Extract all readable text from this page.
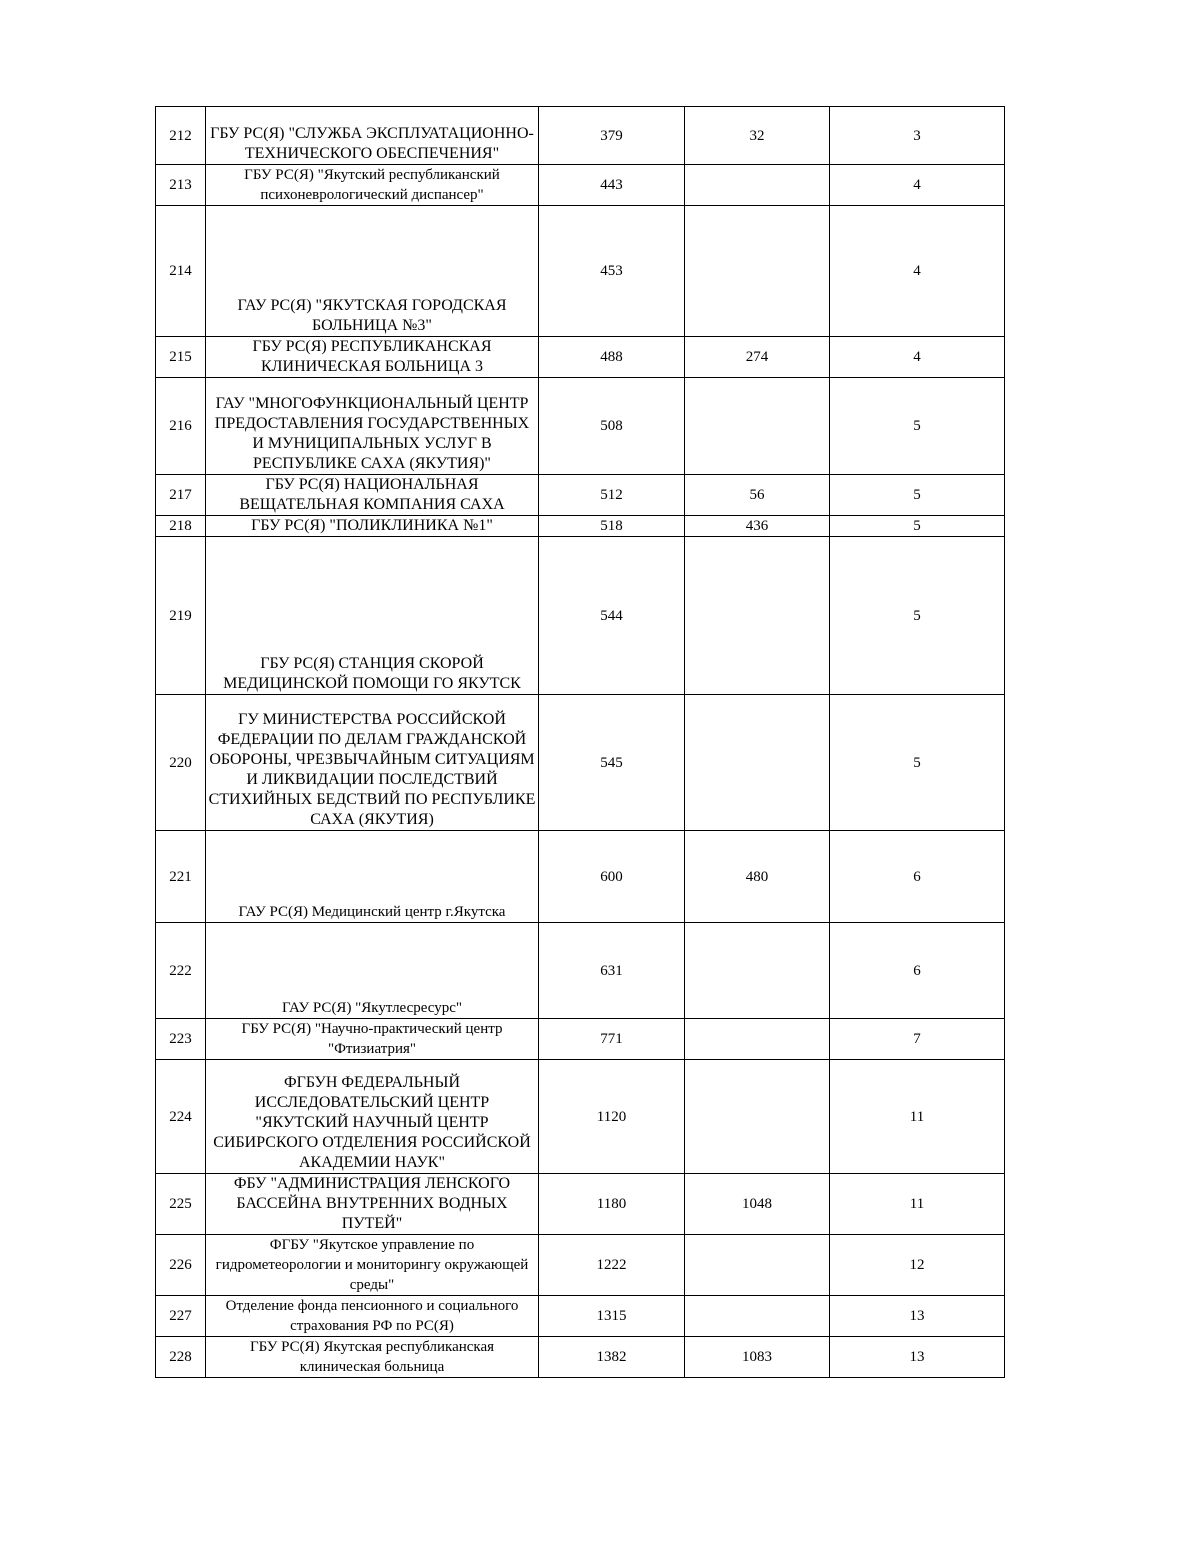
212	ГБУ РС(Я) "СЛУЖБА ЭКСПЛУАТАЦИОННО-ТЕХНИЧЕСКОГО ОБЕСПЕЧЕНИЯ"	379	32	3
213	ГБУ РС(Я) "Якутский республиканский психоневрологический диспансер"	443		4
214	ГАУ РС(Я) "ЯКУТСКАЯ ГОРОДСКАЯ БОЛЬНИЦА №3"	453		4
215	ГБУ РС(Я) РЕСПУБЛИКАНСКАЯ КЛИНИЧЕСКАЯ БОЛЬНИЦА 3	488	274	4
216	ГАУ "МНОГОФУНКЦИОНАЛЬНЫЙ ЦЕНТР ПРЕДОСТАВЛЕНИЯ ГОСУДАРСТВЕННЫХ И МУНИЦИПАЛЬНЫХ УСЛУГ В РЕСПУБЛИКЕ САХА (ЯКУТИЯ)"	508		5
217	ГБУ РС(Я) НАЦИОНАЛЬНАЯ ВЕЩАТЕЛЬНАЯ КОМПАНИЯ САХА	512	56	5
218	ГБУ РС(Я) "ПОЛИКЛИНИКА №1"	518	436	5
219	ГБУ РС(Я) СТАНЦИЯ СКОРОЙ МЕДИЦИНСКОЙ ПОМОЩИ ГО ЯКУТСК	544		5
220	ГУ МИНИСТЕРСТВА РОССИЙСКОЙ ФЕДЕРАЦИИ ПО ДЕЛАМ ГРАЖДАНСКОЙ ОБОРОНЫ, ЧРЕЗВЫЧАЙНЫМ СИТУАЦИЯМ И ЛИКВИДАЦИИ ПОСЛЕДСТВИЙ СТИХИЙНЫХ БЕДСТВИЙ ПО РЕСПУБЛИКЕ САХА (ЯКУТИЯ)	545		5
221	ГАУ РС(Я) Медицинский центр г.Якутска	600	480	6
222	ГАУ РС(Я) "Якутлесресурс"	631		6
223	ГБУ РС(Я) "Научно-практический центр "Фтизиатрия"	771		7
224	ФГБУН ФЕДЕРАЛЬНЫЙ ИССЛЕДОВАТЕЛЬСКИЙ ЦЕНТР "ЯКУТСКИЙ НАУЧНЫЙ ЦЕНТР СИБИРСКОГО ОТДЕЛЕНИЯ РОССИЙСКОЙ АКАДЕМИИ НАУК"	1120		11
225	ФБУ "АДМИНИСТРАЦИЯ ЛЕНСКОГО БАССЕЙНА ВНУТРЕННИХ ВОДНЫХ ПУТЕЙ"	1180	1048	11
226	ФГБУ "Якутское управление по гидрометеорологии и мониторингу окружающей среды"	1222		12
227	Отделение фонда пенсионного и социального страхования РФ по РС(Я)	1315		13
228	ГБУ РС(Я) Якутская республиканская клиническая больница	1382	1083	13
